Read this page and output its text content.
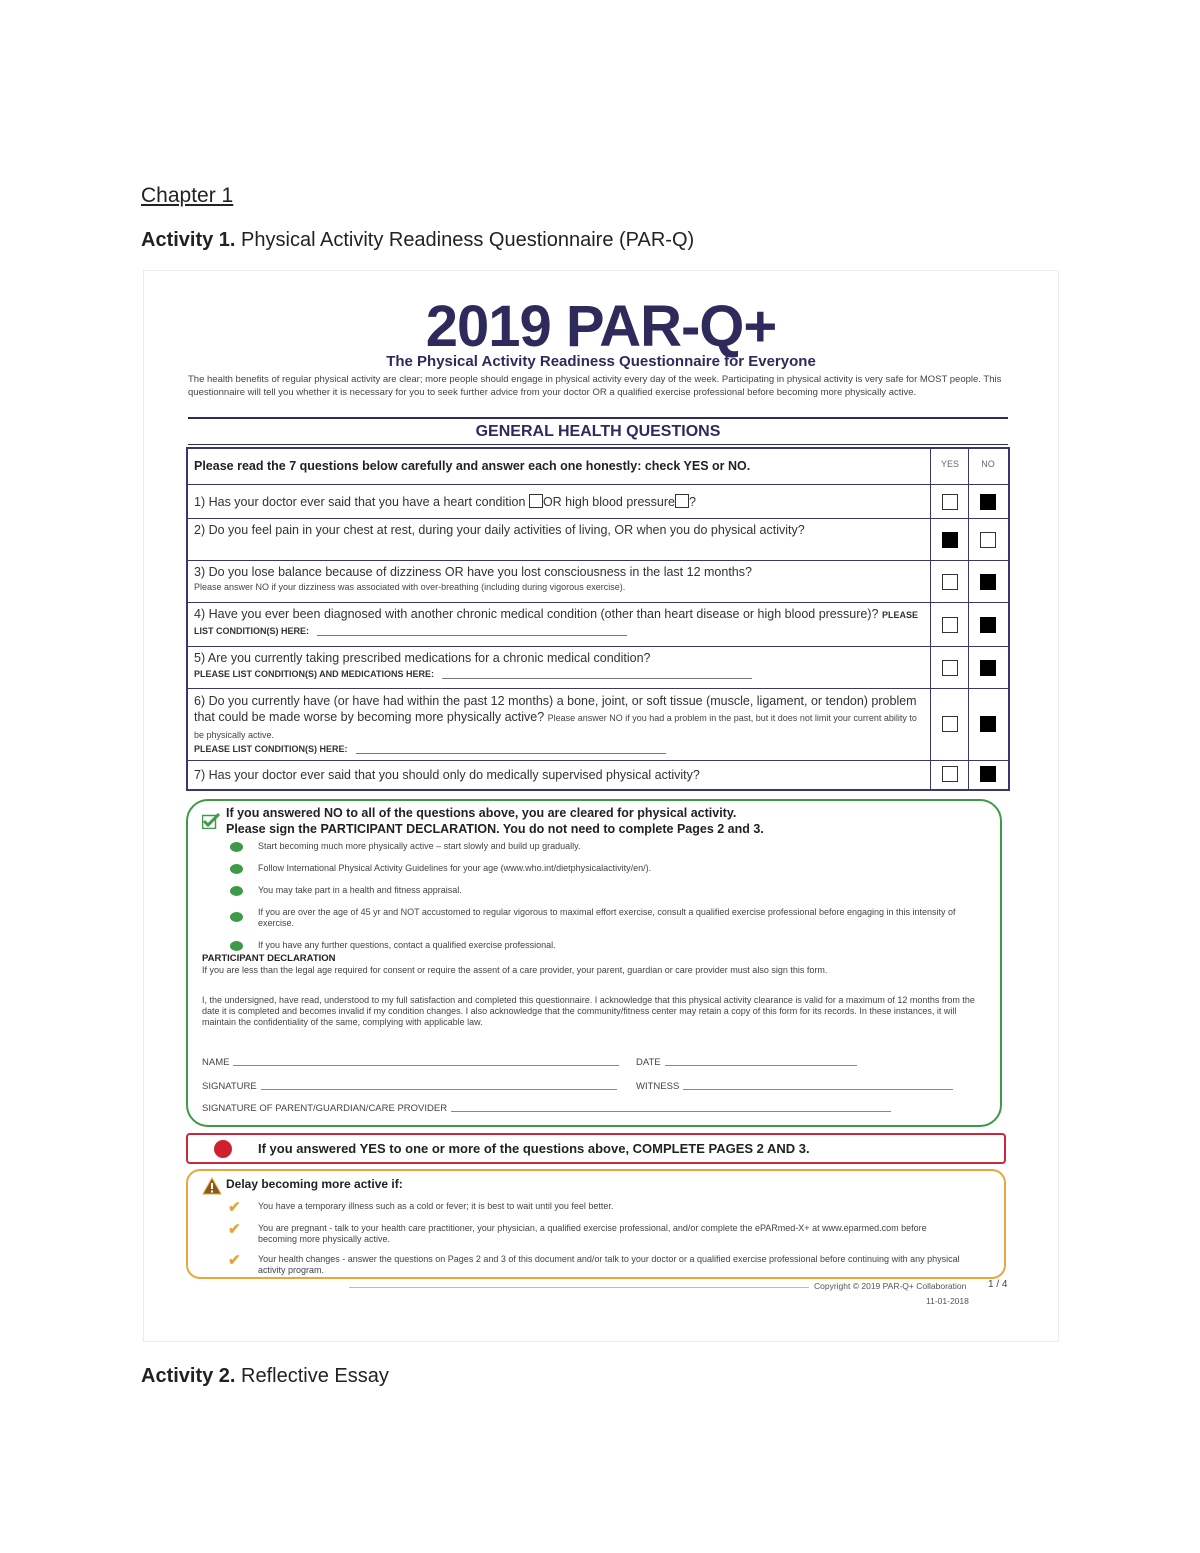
Chapter 1
Activity 1. Physical Activity Readiness Questionnaire (PAR-Q)
2019 PAR-Q+
The Physical Activity Readiness Questionnaire for Everyone
The health benefits of regular physical activity are clear; more people should engage in physical activity every day of the week. Participating in physical activity is very safe for MOST people. This questionnaire will tell you whether it is necessary for you to seek further advice from your doctor OR a qualified exercise professional before becoming more physically active.
GENERAL HEALTH QUESTIONS
Please read the 7 questions below carefully and answer each one honestly: check YES or NO.	YES	NO
1) Has your doctor ever said that you have a heart condition OR high blood pressure ?
2) Do you feel pain in your chest at rest, during your daily activities of living, OR when you do physical activity?
3) Do you lose balance because of dizziness OR have you lost consciousness in the last 12 months?
Please answer NO if your dizziness was associated with over-breathing (including during vigorous exercise).
4) Have you ever been diagnosed with another chronic medical condition (other than heart disease or high blood pressure)? PLEASE LIST CONDITION(S) HERE:
5) Are you currently taking prescribed medications for a chronic medical condition?
PLEASE LIST CONDITION(S) AND MEDICATIONS HERE:
6) Do you currently have (or have had within the past 12 months) a bone, joint, or soft tissue (muscle, ligament, or tendon) problem that could be made worse by becoming more physically active? Please answer NO if you had a problem in the past, but it does not limit your current ability to be physically active.
PLEASE LIST CONDITION(S) HERE:
7) Has your doctor ever said that you should only do medically supervised physical activity?
If you answered NO to all of the questions above, you are cleared for physical activity.
Please sign the PARTICIPANT DECLARATION. You do not need to complete Pages 2 and 3.
Start becoming much more physically active – start slowly and build up gradually.
Follow International Physical Activity Guidelines for your age (www.who.int/dietphysicalactivity/en/).
You may take part in a health and fitness appraisal.
If you are over the age of 45 yr and NOT accustomed to regular vigorous to maximal effort exercise, consult a qualified exercise professional before engaging in this intensity of exercise.
If you have any further questions, contact a qualified exercise professional.
PARTICIPANT DECLARATION
If you are less than the legal age required for consent or require the assent of a care provider, your parent, guardian or care provider must also sign this form.
I, the undersigned, have read, understood to my full satisfaction and completed this questionnaire. I acknowledge that this physical activity clearance is valid for a maximum of 12 months from the date it is completed and becomes invalid if my condition changes. I also acknowledge that the community/fitness center may retain a copy of this form for its records. In these instances, it will maintain the confidentiality of the same, complying with applicable law.
NAME	DATE
SIGNATURE	WITNESS
SIGNATURE OF PARENT/GUARDIAN/CARE PROVIDER
If you answered YES to one or more of the questions above, COMPLETE PAGES 2 AND 3.
Delay becoming more active if:
✔ You have a temporary illness such as a cold or fever; it is best to wait until you feel better.
✔ You are pregnant - talk to your health care practitioner, your physician, a qualified exercise professional, and/or complete the ePARmed-X+ at www.eparmed.com before becoming more physically active.
✔ Your health changes - answer the questions on Pages 2 and 3 of this document and/or talk to your doctor or a qualified exercise professional before continuing with any physical activity program.
Copyright © 2019 PAR-Q+ Collaboration 1 / 4
11-01-2018
Activity 2. Reflective Essay
